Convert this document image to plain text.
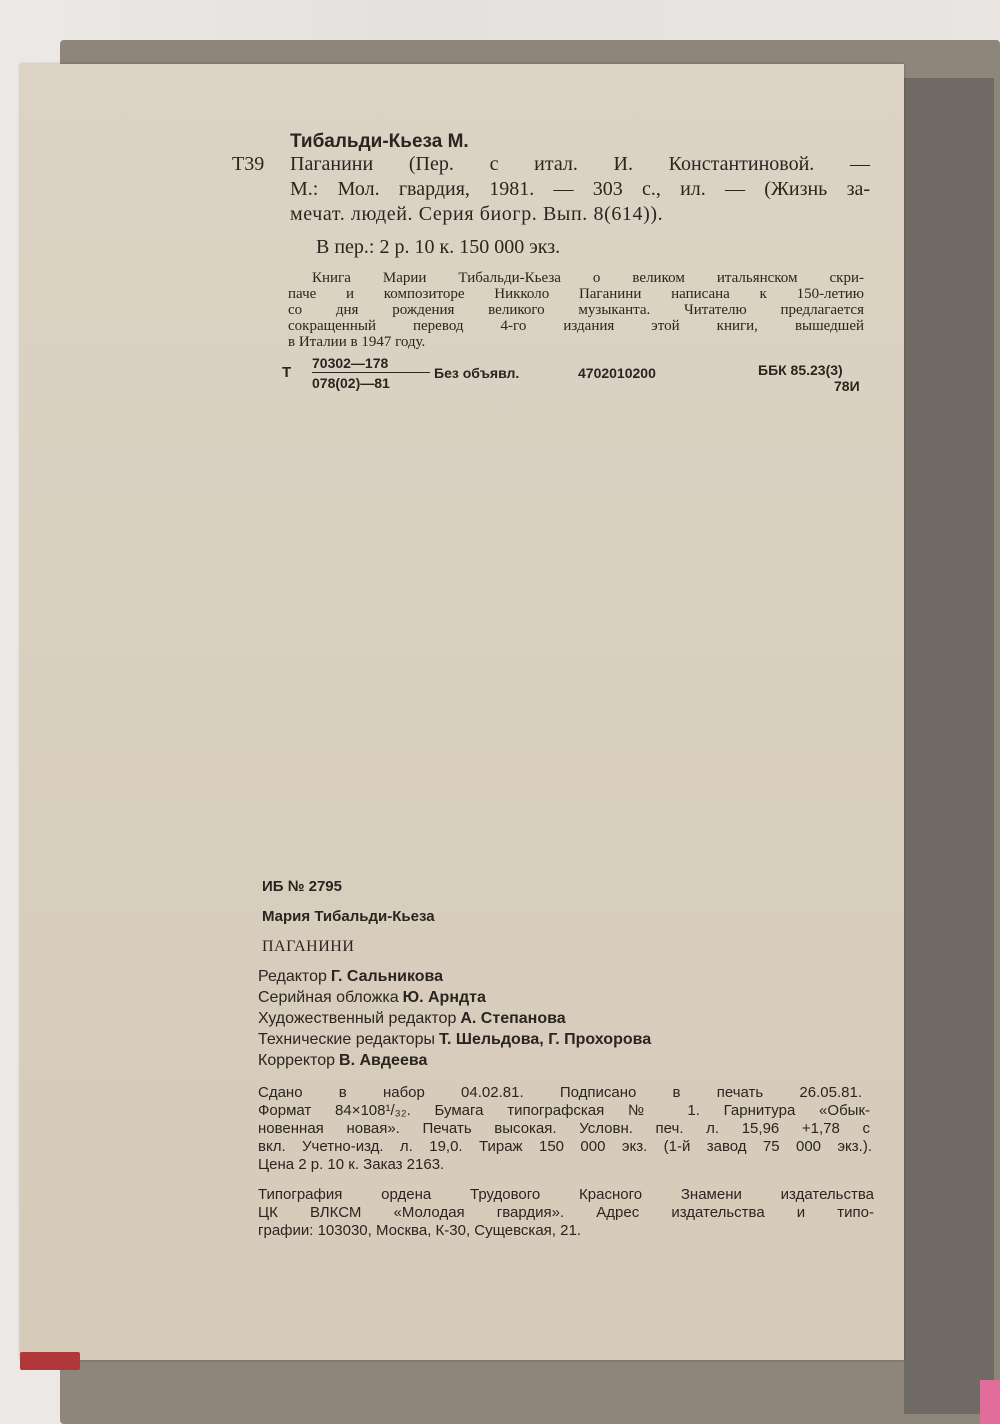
Тибальди-Кьеза М.
Т39 Паганини (Пер. с итал. И. Константиновой. —
М.: Мол. гвардия, 1981. — 303 с., ил. — (Жизнь за-
мечат. людей. Серия биогр. Вып. 8(614)).
В пер.: 2 р. 10 к. 150 000 экз.
Книга Марии Тибальди-Кьеза о великом итальянском скри-
паче и композиторе Никколо Паганини написана к 150-летию
со дня рождения великого музыканта. Читателю предлагается
сокращенный перевод 4-го издания этой книги, вышедшей
в Италии в 1947 году.
Т
70302—178
078(02)—81
Без объявл.	4702010200	ББК 85.23(3)
78И
ИБ № 2795
Мария Тибальди-Кьеза
ПАГАНИНИ
Редактор Г. Сальникова
Серийная обложка Ю. Арндта
Художественный редактор А. Степанова
Технические редакторы Т. Шельдова, Г. Прохорова
Корректор В. Авдеева
Сдано в набор 04.02.81. Подписано в печать 26.05.81.
Формат 84×108¹/₃₂. Бумага типографская № 1. Гарнитура «Обык-
новенная новая». Печать высокая. Условн. печ. л. 15,96 +1,78 с
вкл. Учетно-изд. л. 19,0. Тираж 150 000 экз. (1-й завод 75 000 экз.).
Цена 2 р. 10 к. Заказ 2163.
Типография ордена Трудового Красного Знамени издательства
ЦК ВЛКСМ «Молодая гвардия». Адрес издательства и типо-
графии: 103030, Москва, К-30, Сущевская, 21.
